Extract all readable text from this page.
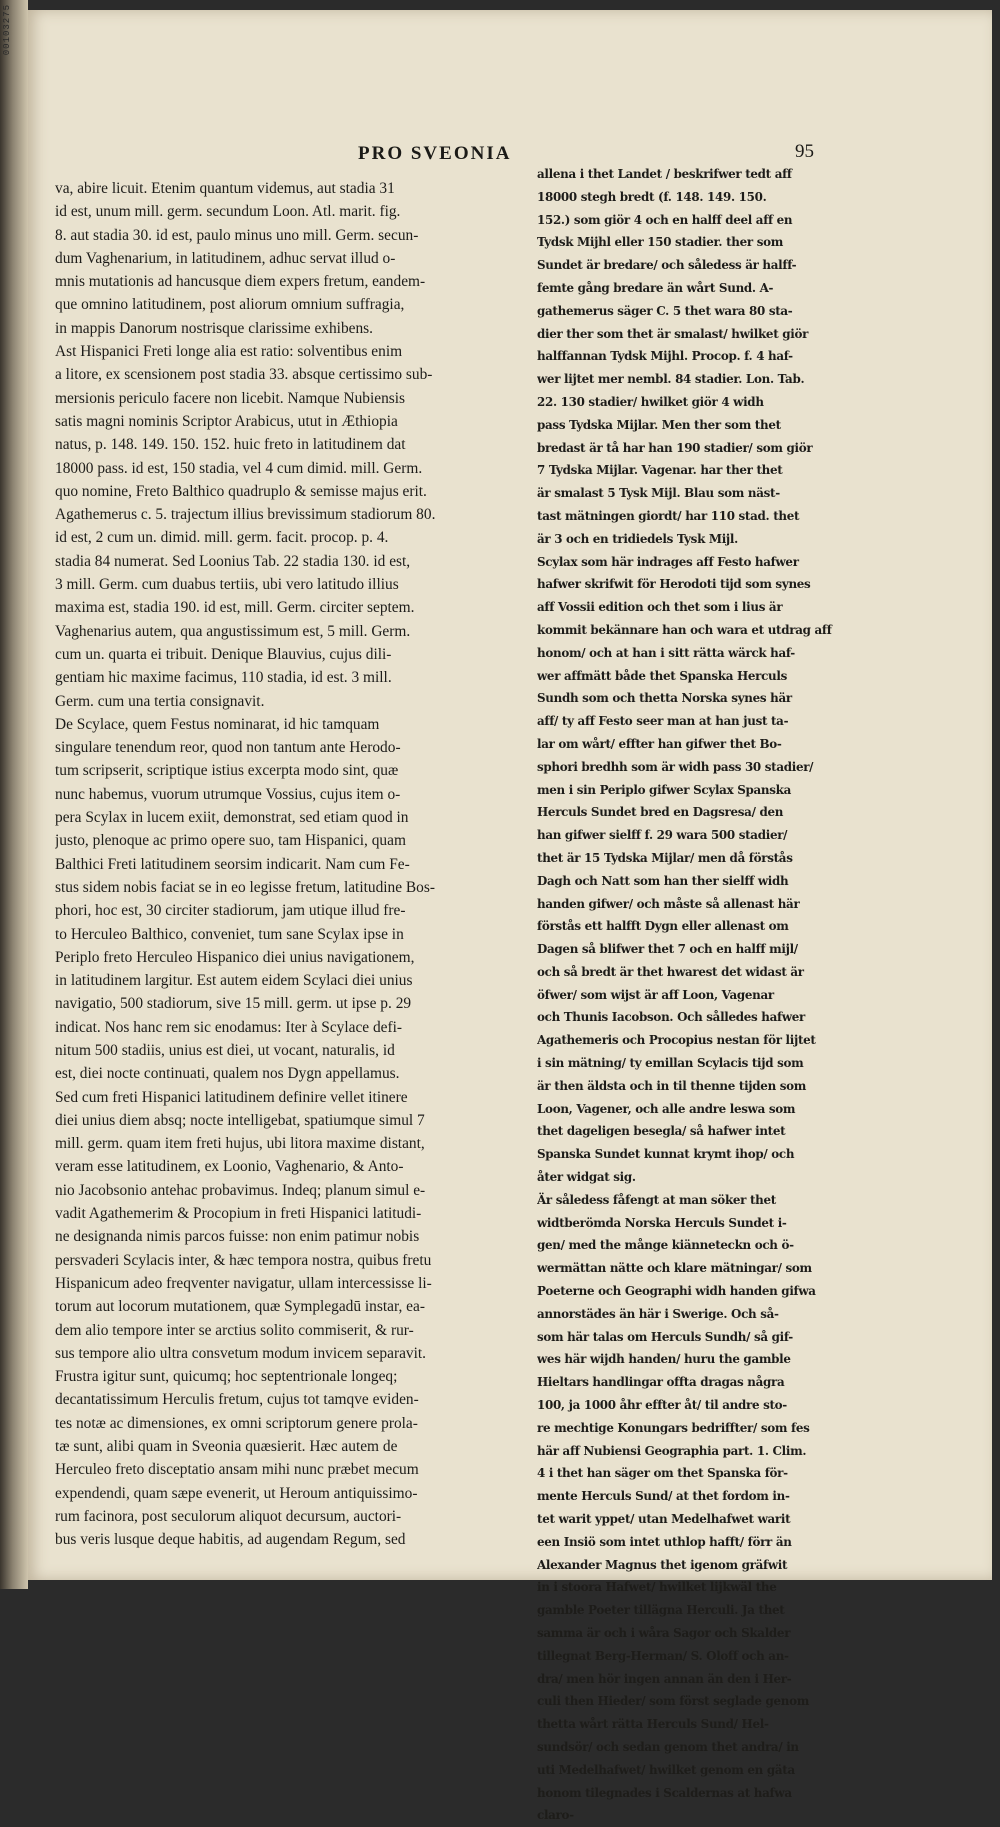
00103275
PRO SVEONIA	95

va, abire licuit. Etenim quantum videmus, aut stadia 31

id est, unum mill. germ. secundum Loon. Atl. marit. fig.

8. aut stadia 30. id est, paulo minus uno mill. Germ. secun-

dum Vaghenarium, in latitudinem, adhuc servat illud o-

mnis mutationis ad hancusque diem expers fretum, eandem-

que omnino latitudinem, post aliorum omnium suffragia,

in mappis Danorum nostrisque clarissime exhibens.

Ast Hispanici Freti longe alia est ratio: solventibus enim

a litore, ex scensionem post stadia 33. absque certissimo sub-

mersionis periculo facere non licebit. Namque Nubiensis

satis magni nominis Scriptor Arabicus, utut in Æthiopia

natus, p. 148. 149. 150. 152. huic freto in latitudinem dat

18000 pass. id est, 150 stadia, vel 4 cum dimid. mill. Germ.

quo nomine, Freto Balthico quadruplo & semisse majus erit.

Agathemerus c. 5. trajectum illius brevissimum stadiorum 80.

id est, 2 cum un. dimid. mill. germ. facit. procop. p. 4.

stadia 84 numerat. Sed Loonius Tab. 22 stadia 130. id est,

3 mill. Germ. cum duabus tertiis, ubi vero latitudo illius

maxima est, stadia 190. id est, mill. Germ. circiter septem.

Vaghenarius autem, qua angustissimum est, 5 mill. Germ.

cum un. quarta ei tribuit. Denique Blauvius, cujus dili-

gentiam hic maxime facimus, 110 stadia, id est. 3 mill.

Germ. cum una tertia consignavit.

De Scylace, quem Festus nominarat, id hic tamquam

singulare tenendum reor, quod non tantum ante Herodo-

tum scripserit, scriptique istius excerpta modo sint, quæ

nunc habemus, vuorum utrumque Vossius, cujus item o-

pera Scylax in lucem exiit, demonstrat, sed etiam quod in

justo, plenoque ac primo opere suo, tam Hispanici, quam

Balthici Freti latitudinem seorsim indicarit. Nam cum Fe-

stus sidem nobis faciat se in eo legisse fretum, latitudine Bos-

phori, hoc est, 30 circiter stadiorum, jam utique illud fre-

to Herculeo Balthico, conveniet, tum sane Scylax ipse in

Periplo freto Herculeo Hispanico diei unius navigationem,

in latitudinem largitur. Est autem eidem Scylaci diei unius

navigatio, 500 stadiorum, sive 15 mill. germ. ut ipse p. 29

indicat. Nos hanc rem sic enodamus: Iter à Scylace defi-

nitum 500 stadiis, unius est diei, ut vocant, naturalis, id

est, diei nocte continuati, qualem nos Dygn appellamus.

Sed cum freti Hispanici latitudinem definire vellet itinere

diei unius diem absq; nocte intelligebat, spatiumque simul 7

mill. germ. quam item freti hujus, ubi litora maxime distant,

veram esse latitudinem, ex Loonio, Vaghenario, & Anto-

nio Jacobsonio antehac probavimus. Indeq; planum simul e-

vadit Agathemerim & Procopium in freti Hispanici latitudi-

ne designanda nimis parcos fuisse: non enim patimur nobis

persvaderi Scylacis inter, & hæc tempora nostra, quibus fretu

Hispanicum adeo freqventer navigatur, ullam intercessisse li-

torum aut locorum mutationem, quæ Symplegadū instar, ea-

dem alio tempore inter se arctius solito commiserit, & rur-

sus tempore alio ultra consvetum modum invicem separavit.

Frustra igitur sunt, quicumq; hoc septentrionale longeq;

decantatissimum Herculis fretum, cujus tot tamqve eviden-

tes notæ ac dimensiones, ex omni scriptorum genere prola-

tæ sunt, alibi quam in Sveonia quæsierit. Hæc autem de

Herculeo freto disceptatio ansam mihi nunc præbet mecum

expendendi, quam sæpe evenerit, ut Heroum antiquissimo-

rum facinora, post seculorum aliquot decursum, auctori-

bus veris lusque deque habitis, ad augendam Regum, sed

allena i thet Landet / beskrifwer tedt aff

18000 stegh bredt (f. 148. 149. 150.

152.) som giör 4 och en halff deel aff en

Tydsk Mijhl eller 150 stadier. ther som

Sundet är bredare/ och såledess är halff-

femte gång bredare än wårt Sund. A-

gathemerus säger C. 5 thet wara 80 sta-

dier ther som thet är smalast/ hwilket giör

halffannan Tydsk Mijhl. Procop. f. 4 haf-

wer lijtet mer nembl. 84 stadier. Lon. Tab.

22. 130 stadier/ hwilket giör 4 widh

pass Tydska Mijlar. Men ther som thet

bredast är tå har han 190 stadier/ som giör

7 Tydska Mijlar. Vagenar. har ther thet

är smalast 5 Tysk Mijl. Blau som näst-

tast mätningen giordt/ har 110 stad. thet

är 3 och en tridiedels Tysk Mijl.

Scylax som här indrages aff Festo hafwer

hafwer skrifwit för Herodoti tijd som synes

aff Vossii edition och thet som i lius är

kommit bekännare han och wara et utdrag aff

honom/ och at han i sitt rätta wärck haf-

wer affmätt både thet Spanska Herculs

Sundh som och thetta Norska synes här

aff/ ty aff Festo seer man at han just ta-

lar om wårt/ effter han gifwer thet Bo-

sphori bredhh som är widh pass 30 stadier/

men i sin Periplo gifwer Scylax Spanska

Herculs Sundet bred en Dagsresa/ den

han gifwer sielff f. 29 wara 500 stadier/

thet är 15 Tydska Mijlar/ men då förstås

Dagh och Natt som han ther sielff widh

handen gifwer/ och måste så allenast här

förstås ett halfft Dygn eller allenast om

Dagen så blifwer thet 7 och en halff mijl/

och så bredt är thet hwarest det widast är

öfwer/ som wijst är aff Loon, Vagenar

och Thunis Iacobson. Och sålledes hafwer

Agathemeris och Procopius nestan för lijtet

i sin mätning/ ty emillan Scylacis tijd som

är then äldsta och in til thenne tijden som

Loon, Vagener, och alle andre leswa som

thet dageligen besegla/ så hafwer intet

Spanska Sundet kunnat krymt ihop/ och

åter widgat sig.

Är såledess fåfengt at man söker thet

widtberömda Norska Herculs Sundet i-

gen/ med the månge kiänneteckn och ö-

wermättan nätte och klare mätningar/ som

Poeterne och Geographi widh handen gifwa

annorstädes än här i Swerige. Och så-

som här talas om Herculs Sundh/ så gif-

wes här wijdh handen/ huru the gamble

Hieltars handlingar offta dragas några

100, ja 1000 åhr effter åt/ til andre sto-

re mechtige Konungars bedriffter/ som fes

här aff Nubiensi Geographia part. 1. Clim.

4 i thet han säger om thet Spanska för-

mente Herculs Sund/ at thet fordom in-

tet warit yppet/ utan Medelhafwet warit

een Insiö som intet uthlop hafft/ förr än

Alexander Magnus thet igenom gräfwit

in i stoora Hafwet/ hwilket lijkwäl the

gamble Poeter tillägna Herculi. Ja thet

samma är och i wåra Sagor och Skalder

tillegnat Berg-Herman/ S. Oloff och an-

dra/ men hör ingen annan än den i Her-

culi then Hieder/ som först seglade genom

thetta wårt rätta Herculs Sund/ Hel-

sundsör/ och sedan genom thet andra/ in

uti Medelhafwet/ hwilket genom en gäta

honom tilegnades i Scaldernas at hafwa

claro-
